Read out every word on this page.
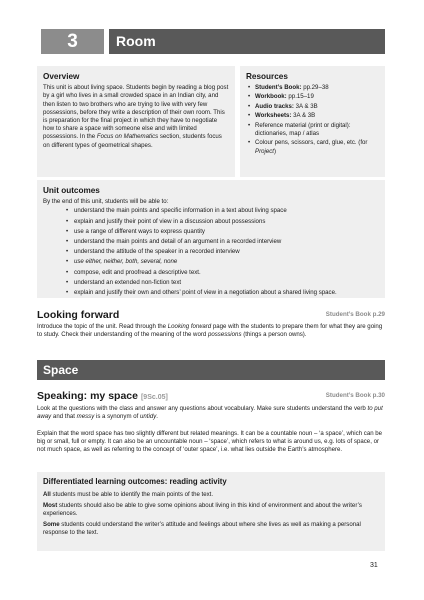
3	Room
Overview

This unit is about living space. Students begin by reading a blog post by a girl who lives in a small crowded space in an Indian city, and then listen to two brothers who are trying to live with very few possessions, before they write a description of their own room. This is preparation for the final project in which they have to negotiate how to share a space with someone else and with limited possessions. In the Focus on Mathematics section, students focus on different types of geometrical shapes.

Resources
• Student’s Book: pp.29–38
• Workbook: pp.15–19
• Audio tracks: 3A & 3B
• Worksheets: 3A & 3B
• Reference material (print or digital): dictionaries, map / atlas
• Colour pens, scissors, card, glue, etc. (for Project)
Unit outcomes

By the end of this unit, students will be able to:

• understand the main points and specific information in a text about living space
• explain and justify their point of view in a discussion about possessions
• use a range of different ways to express quantity
• understand the main points and detail of an argument in a recorded interview
• understand the attitude of the speaker in a recorded interview
• use either, neither, both, several, none
• compose, edit and proofread a descriptive text.
• understand an extended non-fiction text
• explain and justify their own and others’ point of view in a negotiation about a shared living space.
Looking forward	Student’s Book p.29

Introduce the topic of the unit. Read through the Looking forward page with the students to prepare them for what they are going to study. Check their understanding of the meaning of the word possessions (things a person owns).

Space
Speaking: my space [9Sc.05]	Student’s Book p.30

Look at the questions with the class and answer any questions about vocabulary. Make sure students understand the verb to put away and that messy is a synonym of untidy.

Explain that the word space has two slightly different but related meanings. It can be a countable noun – ‘a space’, which can be big or small, full or empty. It can also be an uncountable noun – ‘space’, which refers to what is around us, e.g. lots of space, or not much space, as well as referring to the concept of ‘outer space’, i.e. what lies outside the Earth’s atmosphere.

Differentiated learning outcomes: reading activity

All students must be able to identify the main points of the text.

Most students should also be able to give some opinions about living in this kind of environment and about the writer’s experiences.

Some students could understand the writer’s attitude and feelings about where she lives as well as making a personal response to the text.

31
